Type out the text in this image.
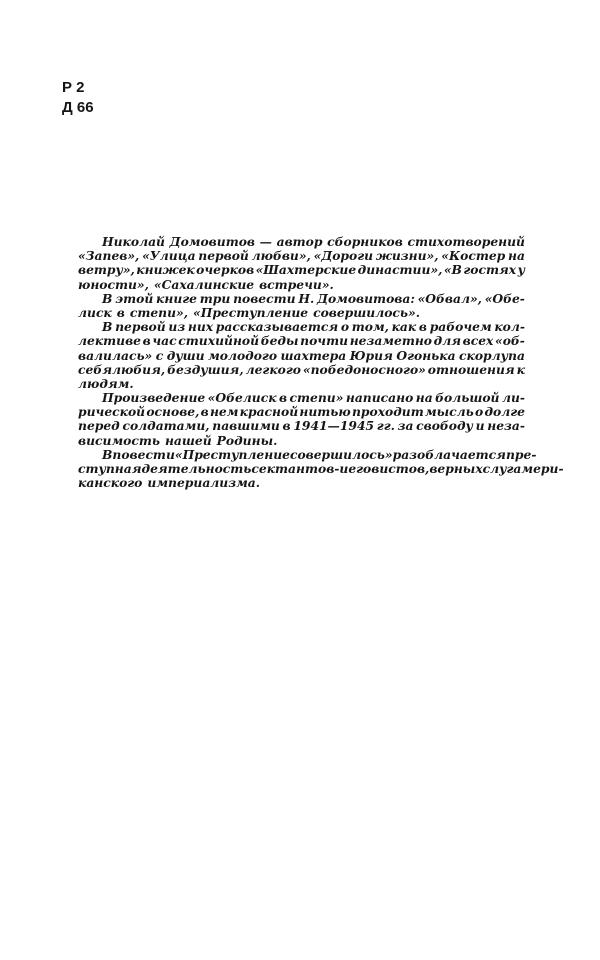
Р 2
Д 66
Николай Домовитов — автор сборников стихотворений
«Запев», «Улица первой любви», «Дороги жизни», «Костер на
ветру», книжек очерков «Шахтерские династии», «В гостях у
юности», «Сахалинские встречи».
В этой книге три повести Н. Домовитова: «Обвал», «Обе-
лиск в степи», «Преступление совершилось».
В первой из них рассказывается о том, как в рабочем кол-
лективе в час стихийной беды почти незаметно для всех «об-
валилась» с души молодого шахтера Юрия Огонька скорлупа
себялюбия, бездушия, легкого «победоносного» отношения к
людям.
Произведение «Обелиск в степи» написано на большой ли-
рической основе, в нем красной нитью проходит мысль о долге
перед солдатами, павшими в 1941—1945 гг. за свободу и неза-
висимость нашей Родины.
В повести «Преступление совершилось» разоблачается пре-
ступная деятельность сектантов-иеговистов, верных слуг амери-
канского империализма.
